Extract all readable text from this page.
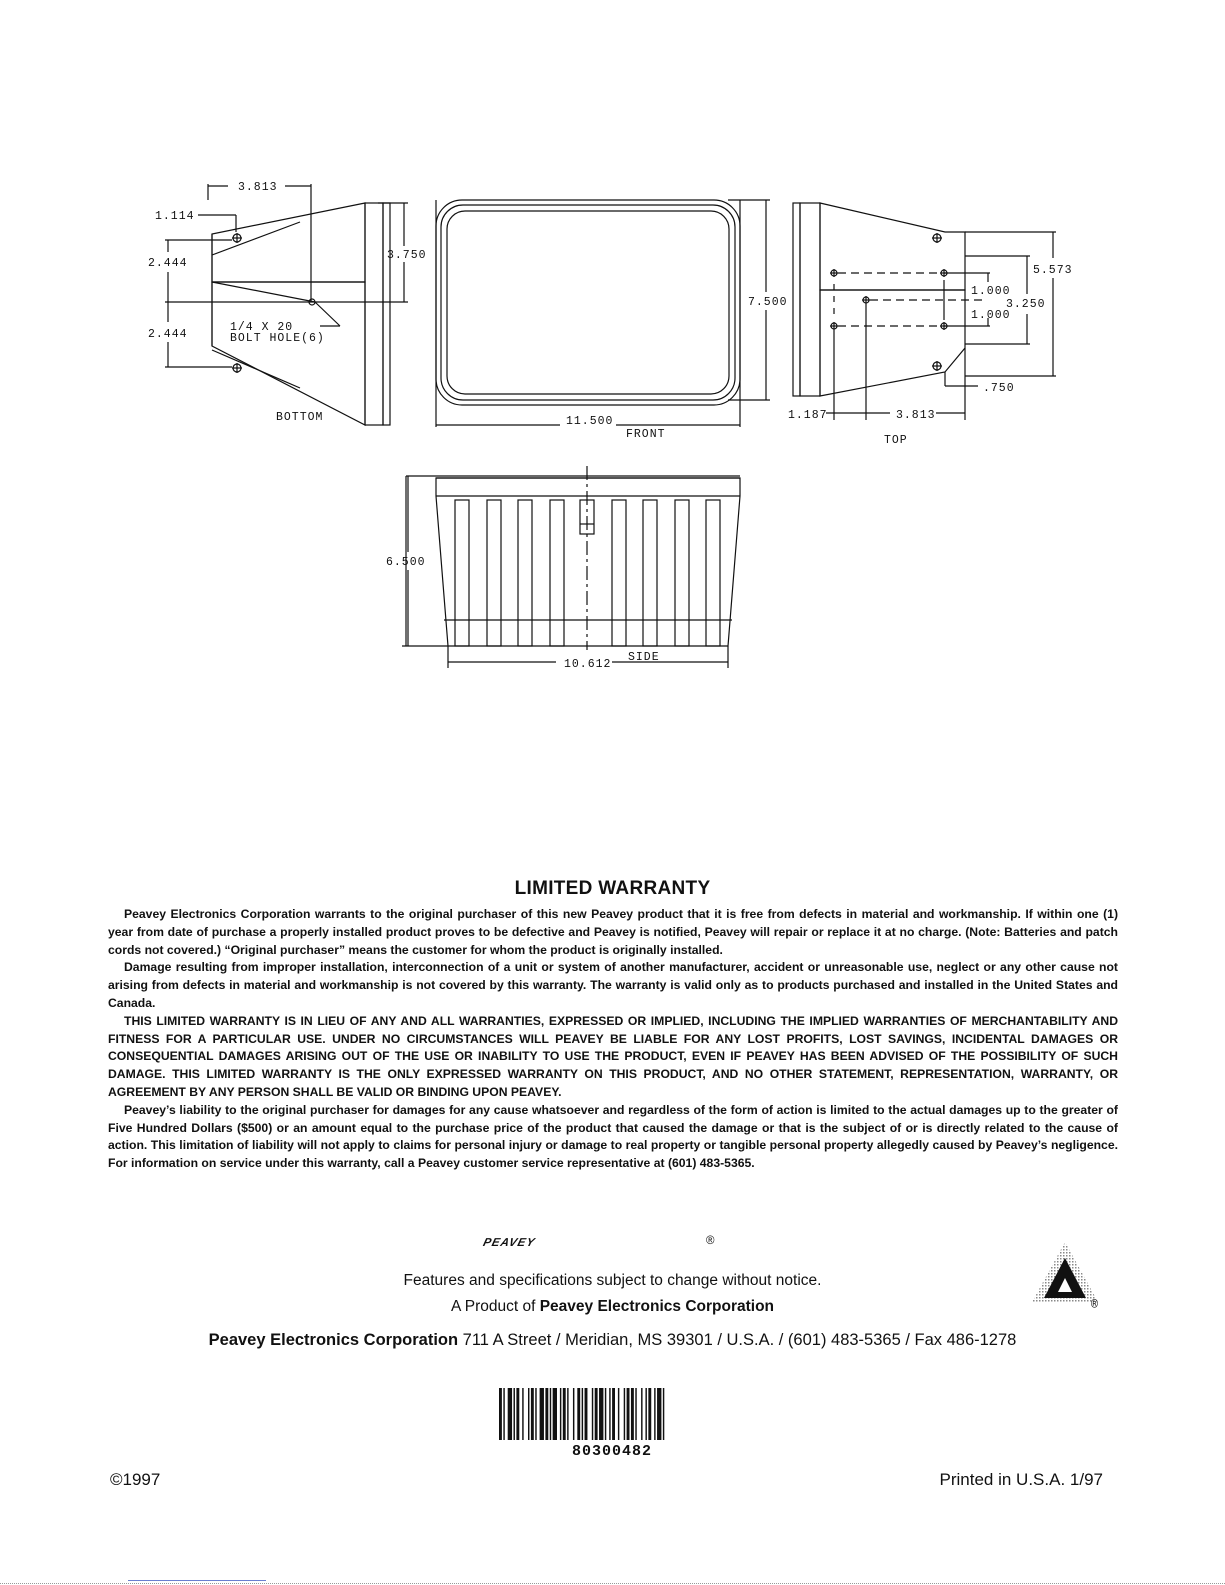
3.813
1.114
2.444
2.444
3.750
1/4 X 20
BOLT HOLE(6)
BOTTOM
7.500
11.500
FRONT
5.573
1.000
3.250
1.000
.750
1.187	3.813
TOP
6.500
10.612
SIDE
LIMITED WARRANTY

Peavey Electronics Corporation warrants to the original purchaser of this new Peavey product that it is free from defects in material and workmanship. If within one (1) year from date of purchase a properly installed product proves to be defective and Peavey is notified, Peavey will repair or replace it at no charge. (Note: Batteries and patch cords not covered.) “Original purchaser” means the customer for whom the product is originally installed.

Damage resulting from improper installation, interconnection of a unit or system of another manufacturer, accident or unreasonable use, neglect or any other cause not arising from defects in material and workmanship is not covered by this warranty. The warranty is valid only as to products purchased and installed in the United States and Canada.

THIS LIMITED WARRANTY IS IN LIEU OF ANY AND ALL WARRANTIES, EXPRESSED OR IMPLIED, INCLUDING THE IMPLIED WARRANTIES OF MERCHANTABILITY AND FITNESS FOR A PARTICULAR USE. UNDER NO CIRCUMSTANCES WILL PEAVEY BE LIABLE FOR ANY LOST PROFITS, LOST SAVINGS, INCIDENTAL DAMAGES OR CONSEQUENTIAL DAMAGES ARISING OUT OF THE USE OR INABILITY TO USE THE PRODUCT, EVEN IF PEAVEY HAS BEEN ADVISED OF THE POSSIBILITY OF SUCH DAMAGE. THIS LIMITED WARRANTY IS THE ONLY EXPRESSED WARRANTY ON THIS PRODUCT, AND NO OTHER STATEMENT, REPRESENTATION, WARRANTY, OR AGREEMENT BY ANY PERSON SHALL BE VALID OR BINDING UPON PEAVEY.

Peavey’s liability to the original purchaser for damages for any cause whatsoever and regardless of the form of action is limited to the actual damages up to the greater of Five Hundred Dollars ($500) or an amount equal to the purchase price of the product that caused the damage or that is the subject of or is directly related to the cause of action. This limitation of liability will not apply to claims for personal injury or damage to real property or tangible personal property allegedly caused by Peavey’s negligence. For information on service under this warranty, call a Peavey customer service representative at (601) 483-5365.

PEAVEY	®
Features and specifications subject to change without notice.
A Product of Peavey Electronics Corporation
Peavey Electronics Corporation 711 A Street / Meridian, MS 39301 / U.S.A. / (601) 483-5365 / Fax 486-1278
80300482
©1997	Printed in U.S.A. 1/97
®
